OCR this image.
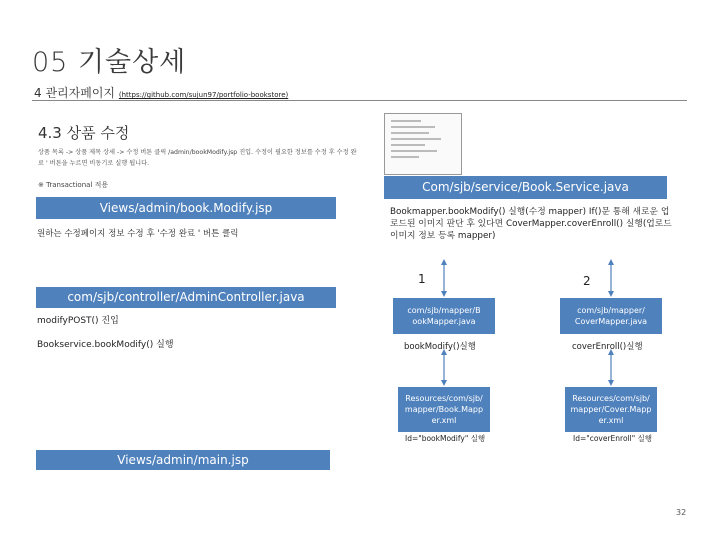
05 기술상세
4 관리자페이지 (https://github.com/sujun97/portfolio-bookstore)
4.3 상품 수정
상품 목록 -> 상품 제목 상세 -> 수정 버튼 클릭 /admin/bookModify.jsp 진입. 수정이 필요한 정보를 수정 후 수정 완료 ' 버튼을 누르면 비동기로 실행 됩니다.
※ Transactional 적용
Views/admin/book.Modify.jsp
원하는 수정페이지 정보 수정 후 '수정 완료 ' 버튼 클릭
com/sjb/controller/AdminController.java
modifyPOST() 진입
Bookservice.bookModify() 실행
Com/sjb/service/Book.Service.java
Bookmapper.bookModify() 실행(수정 mapper) If()문 통해 새로운 업로드된 이미지 판단 후 있다면 CoverMapper.coverEnroll() 실행(업로드 이미지 정보 등록 mapper)
1	2
com/sjb/mapper/B ookMapper.java
com/sjb/mapper/ CoverMapper.java
bookModify()실행	coverEnroll()실행
Resources/com/sjb/ mapper/Book.Mapp er.xml
Resources/com/sjb/ mapper/Cover.Mapp er.xml
Id="bookModify" 실행	Id="coverEnroll" 실행
Views/admin/main.jsp
32
